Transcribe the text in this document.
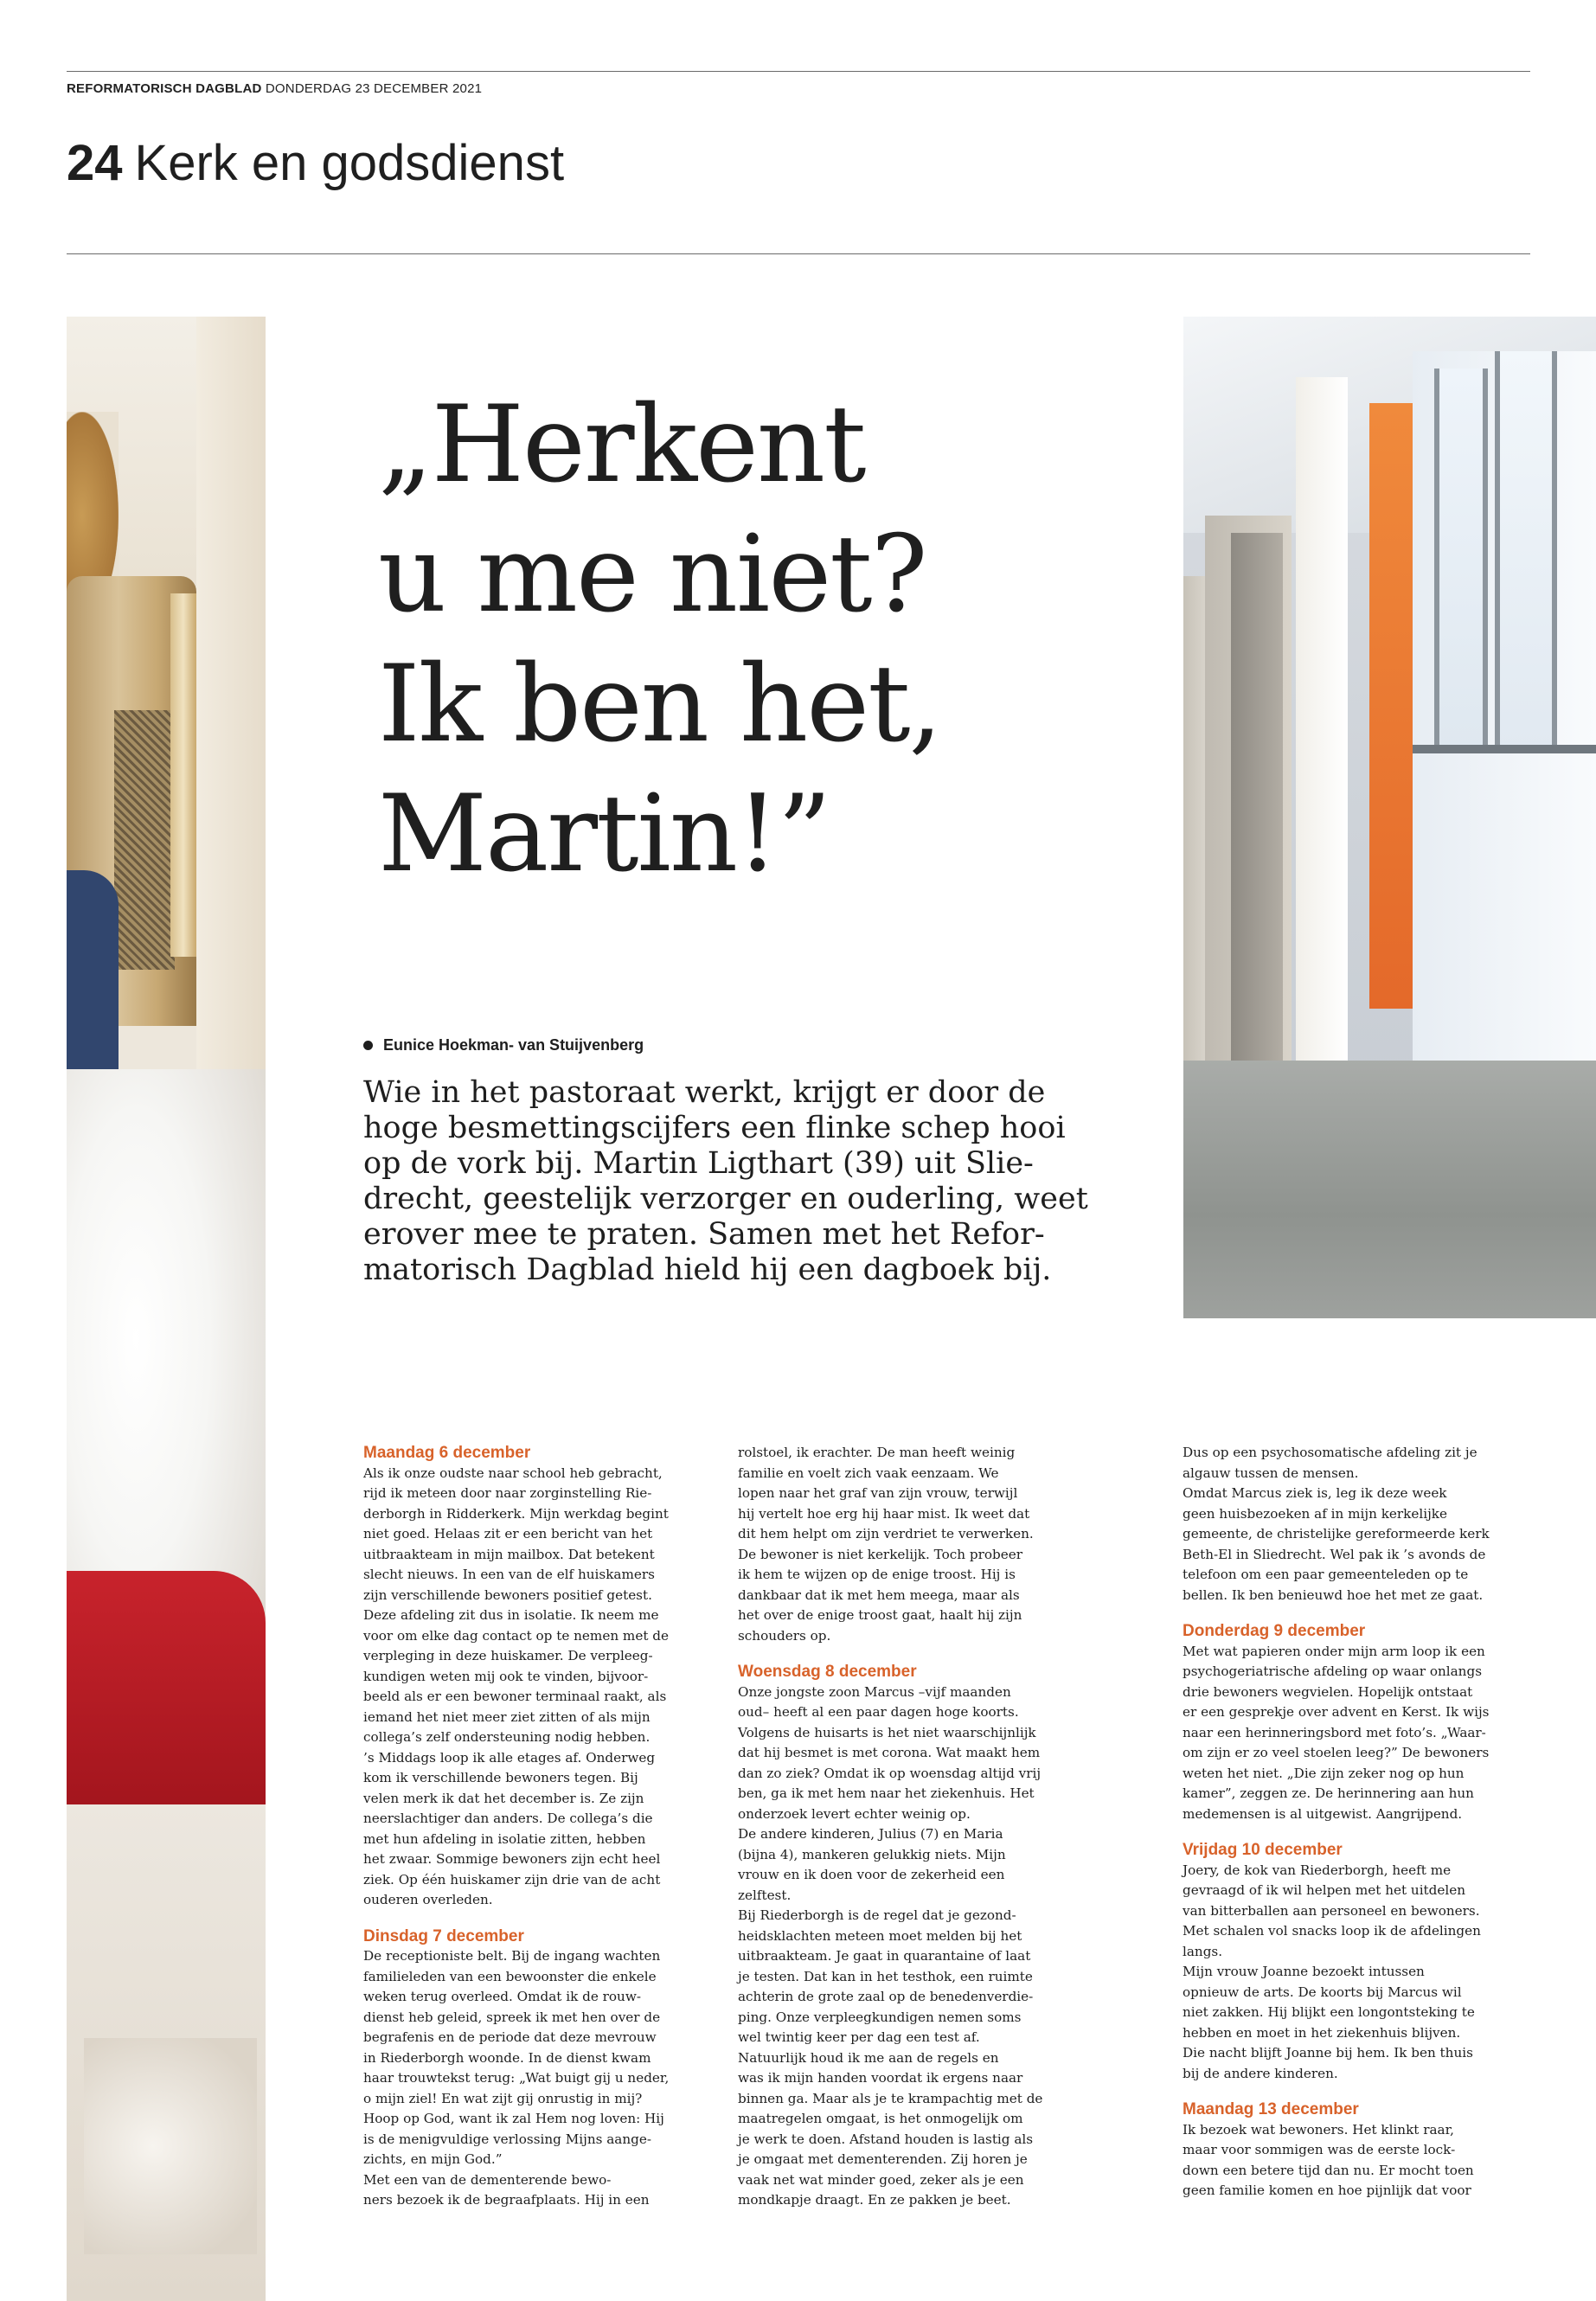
REFORMATORISCH DAGBLAD DONDERDAG 23 DECEMBER 2021
24 Kerk en godsdienst
„Herkent
u me niet?
Ik ben het,
Martin!”
Eunice Hoekman- van Stuijvenberg
Wie in het pastoraat werkt, krijgt er door de
hoge besmettingscijfers een flinke schep hooi
op de vork bij. Martin Ligthart (39) uit Slie-
drecht, geestelijk verzorger en ouderling, weet
erover mee te praten. Samen met het Refor-
matorisch Dagblad hield hij een dagboek bij.
Maandag 6 december
Als ik onze oudste naar school heb gebracht,
rijd ik meteen door naar zorginstelling Rie-
derborgh in Ridderkerk. Mijn werkdag begint
niet goed. Helaas zit er een bericht van het
uitbraakteam in mijn mailbox. Dat betekent
slecht nieuws. In een van de elf huiskamers
zijn verschillende bewoners positief getest.
Deze afdeling zit dus in isolatie. Ik neem me
voor om elke dag contact op te nemen met de
verpleging in deze huiskamer. De verpleeg-
kundigen weten mij ook te vinden, bijvoor-
beeld als er een bewoner terminaal raakt, als
iemand het niet meer ziet zitten of als mijn
collega’s zelf ondersteuning nodig hebben.
’s Middags loop ik alle etages af. Onderweg
kom ik verschillende bewoners tegen. Bij
velen merk ik dat het december is. Ze zijn
neerslachtiger dan anders. De collega’s die
met hun afdeling in isolatie zitten, hebben
het zwaar. Sommige bewoners zijn echt heel
ziek. Op één huiskamer zijn drie van de acht
ouderen overleden.
Dinsdag 7 december
De receptioniste belt. Bij de ingang wachten
familieleden van een bewoonster die enkele
weken terug overleed. Omdat ik de rouw-
dienst heb geleid, spreek ik met hen over de
begrafenis en de periode dat deze mevrouw
in Riederborgh woonde. In de dienst kwam
haar trouwtekst terug: „Wat buigt gij u neder,
o mijn ziel! En wat zijt gij onrustig in mij?
Hoop op God, want ik zal Hem nog loven: Hij
is de menigvuldige verlossing Mijns aange-
zichts, en mijn God.”
Met een van de dementerende bewo-
ners bezoek ik de begraafplaats. Hij in een
rolstoel, ik erachter. De man heeft weinig
familie en voelt zich vaak eenzaam. We
lopen naar het graf van zijn vrouw, terwijl
hij vertelt hoe erg hij haar mist. Ik weet dat
dit hem helpt om zijn verdriet te verwerken.
De bewoner is niet kerkelijk. Toch probeer
ik hem te wijzen op de enige troost. Hij is
dankbaar dat ik met hem meega, maar als
het over de enige troost gaat, haalt hij zijn
schouders op.
Woensdag 8 december
Onze jongste zoon Marcus –vijf maanden
oud– heeft al een paar dagen hoge koorts.
Volgens de huisarts is het niet waarschijnlijk
dat hij besmet is met corona. Wat maakt hem
dan zo ziek? Omdat ik op woensdag altijd vrij
ben, ga ik met hem naar het ziekenhuis. Het
onderzoek levert echter weinig op.
De andere kinderen, Julius (7) en Maria
(bijna 4), mankeren gelukkig niets. Mijn
vrouw en ik doen voor de zekerheid een
zelftest.
Bij Riederborgh is de regel dat je gezond-
heidsklachten meteen moet melden bij het
uitbraakteam. Je gaat in quarantaine of laat
je testen. Dat kan in het testhok, een ruimte
achterin de grote zaal op de benedenverdie-
ping. Onze verpleegkundigen nemen soms
wel twintig keer per dag een test af.
Natuurlijk houd ik me aan de regels en
was ik mijn handen voordat ik ergens naar
binnen ga. Maar als je te krampachtig met de
maatregelen omgaat, is het onmogelijk om
je werk te doen. Afstand houden is lastig als
je omgaat met dementerenden. Zij horen je
vaak net wat minder goed, zeker als je een
mondkapje draagt. En ze pakken je beet.
Dus op een psychosomatische afdeling zit je
algauw tussen de mensen.
Omdat Marcus ziek is, leg ik deze week
geen huisbezoeken af in mijn kerkelijke
gemeente, de christelijke gereformeerde kerk
Beth-El in Sliedrecht. Wel pak ik ’s avonds de
telefoon om een paar gemeenteleden op te
bellen. Ik ben benieuwd hoe het met ze gaat.
Donderdag 9 december
Met wat papieren onder mijn arm loop ik een
psychogeriatrische afdeling op waar onlangs
drie bewoners wegvielen. Hopelijk ontstaat
er een gesprekje over advent en Kerst. Ik wijs
naar een herinneringsbord met foto’s. „Waar-
om zijn er zo veel stoelen leeg?” De bewoners
weten het niet. „Die zijn zeker nog op hun
kamer”, zeggen ze. De herinnering aan hun
medemensen is al uitgewist. Aangrijpend.
Vrijdag 10 december
Joery, de kok van Riederborgh, heeft me
gevraagd of ik wil helpen met het uitdelen
van bitterballen aan personeel en bewoners.
Met schalen vol snacks loop ik de afdelingen
langs.
Mijn vrouw Joanne bezoekt intussen
opnieuw de arts. De koorts bij Marcus wil
niet zakken. Hij blijkt een longontsteking te
hebben en moet in het ziekenhuis blijven.
Die nacht blijft Joanne bij hem. Ik ben thuis
bij de andere kinderen.
Maandag 13 december
Ik bezoek wat bewoners. Het klinkt raar,
maar voor sommigen was de eerste lock-
down een betere tijd dan nu. Er mocht toen
geen familie komen en hoe pijnlijk dat voor
